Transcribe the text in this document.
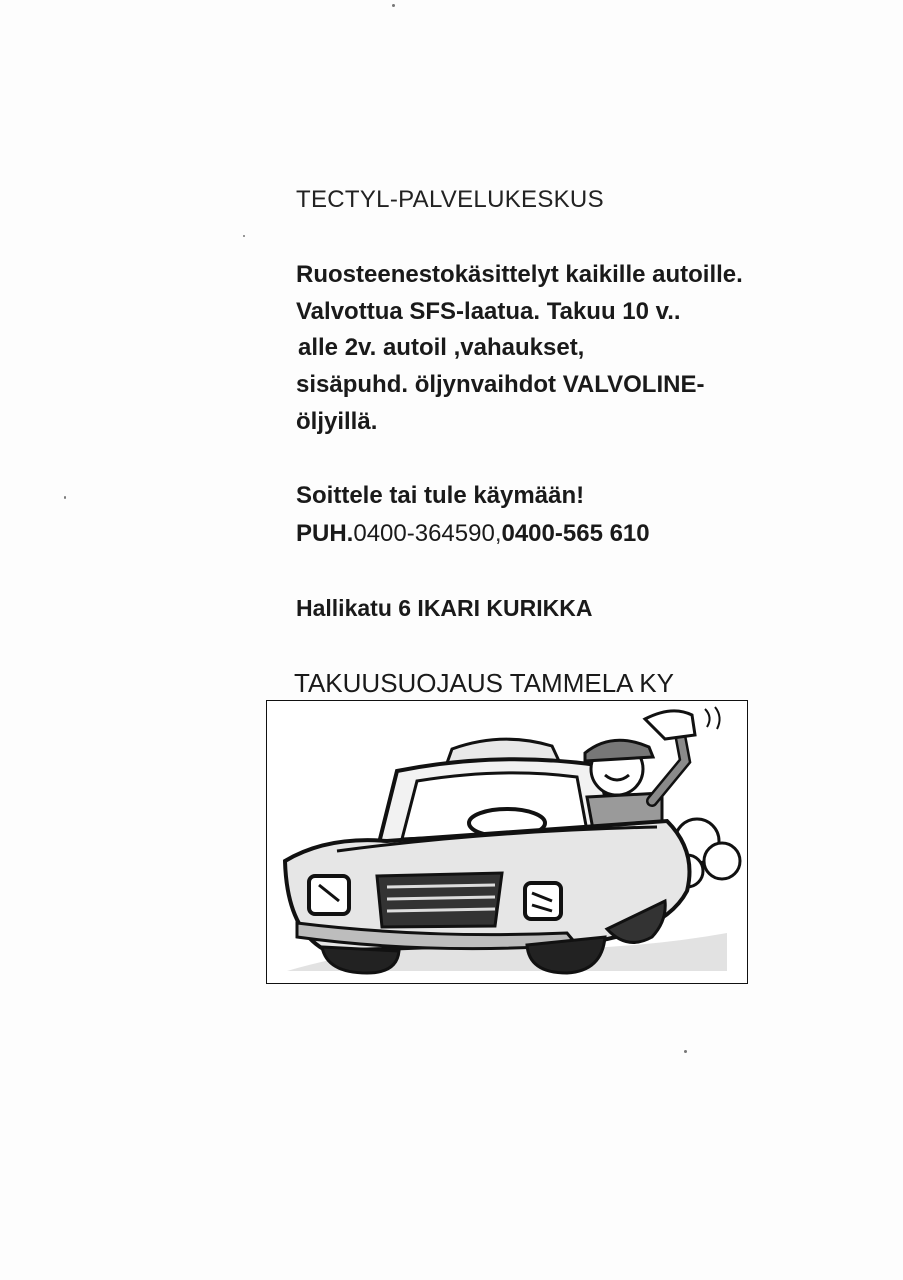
TECTYL-PALVELUKESKUS
Ruosteenestokäsittelyt kaikille autoille.
Valvottua SFS-laatua. Takuu 10 v..
alle 2v. autoil ,vahaukset,
sisäpuhd. öljynvaihdot VALVOLINE-
öljyillä.
Soittele tai tule käymään!
PUH.0400-364590,0400-565 610
Hallikatu 6 IKARI KURIKKA
TAKUUSUOJAUS TAMMELA KY
